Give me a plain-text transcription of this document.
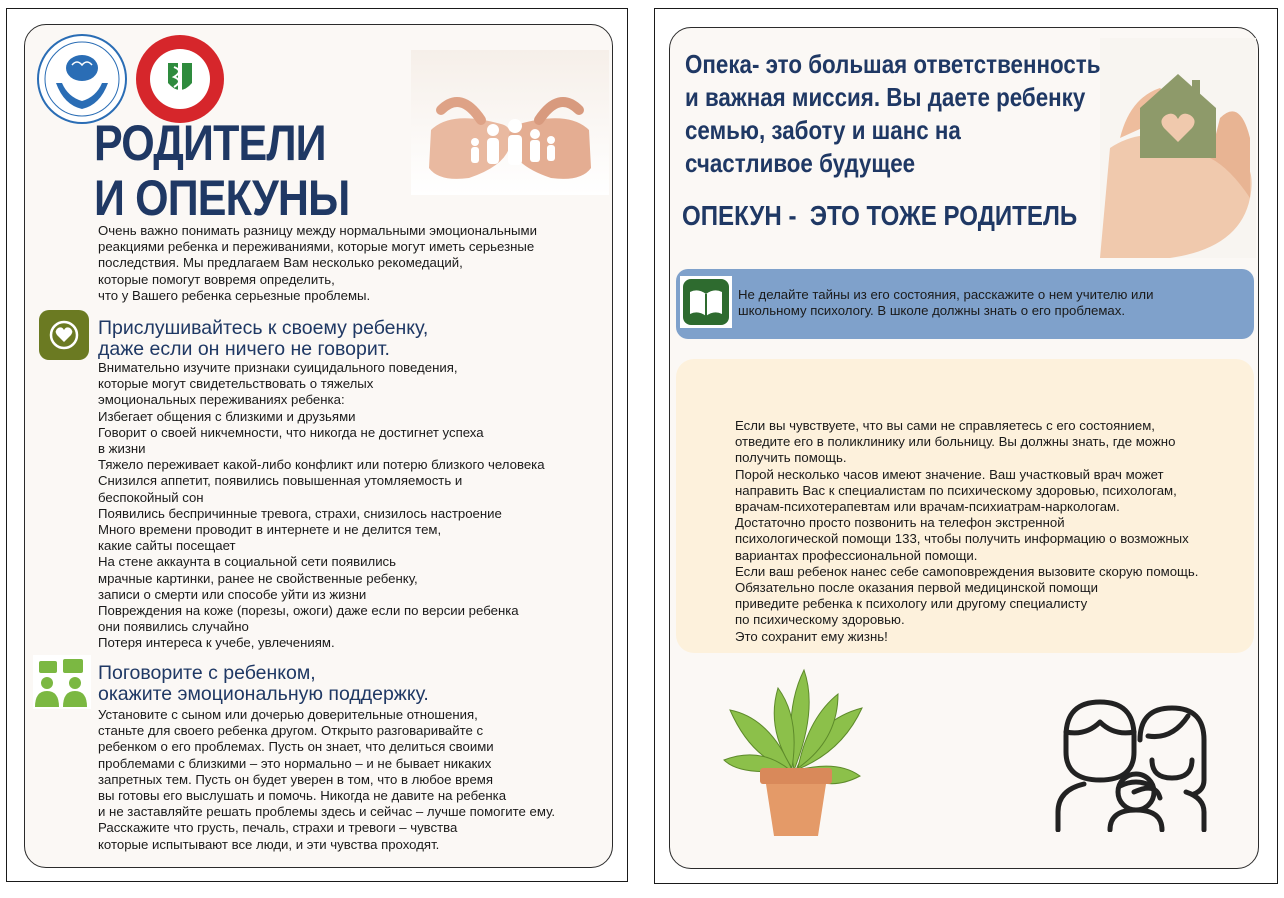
РОДИТЕЛИ
И ОПЕКУНЫ
Очень важно понимать разницу между нормальными эмоциональными
реакциями ребенка и переживаниями, которые могут иметь серьезные
последствия. Мы предлагаем Вам несколько рекомедаций,
которые помогут вовремя определить,
что у Вашего ребенка серьезные проблемы.
Прислушивайтесь к своему ребенку,
даже если он ничего не говорит.
Внимательно изучите признаки суицидального поведения,
которые могут свидетельствовать о тяжелых
эмоциональных переживаниях ребенка:
Избегает общения с близкими и друзьями
Говорит о своей никчемности, что никогда не достигнет успеха
в жизни
Тяжело переживает какой-либо конфликт или потерю близкого человека
Снизился аппетит, появились повышенная утомляемость и
беспокойный сон
Появились беспричинные тревога, страхи, снизилось настроение
Много времени проводит в интернете и не делится тем,
какие сайты посещает
На стене аккаунта в социальной сети появились
мрачные картинки, ранее не свойственные ребенку,
записи о смерти или способе уйти из жизни
Повреждения на коже (порезы, ожоги) даже если по версии ребенка
они появились случайно
Потеря интереса к учебе, увлечениям.
Поговорите с ребенком,
окажите эмоциональную поддержку.
Установите с сыном или дочерью доверительные отношения,
станьте для своего ребенка другом. Открыто разговаривайте с
ребенком о его проблемах. Пусть он знает, что делиться своими
проблемами с близкими – это нормально – и не бывает никаких
запретных тем. Пусть он будет уверен в том, что в любое время
вы готовы его выслушать и помочь. Никогда не давите на ребенка
и не заставляйте решать проблемы здесь и сейчас – лучше помогите ему.
Расскажите что грусть, печаль, страхи и тревоги – чувства
которые испытывают все люди, и эти чувства проходят.
Опека- это большая ответственность
и важная миссия. Вы даете ребенку
семью, заботу и шанс на
счастливое будущее
ОПЕКУН -  ЭТО ТОЖЕ РОДИТЕЛЬ
Не делайте тайны из его состояния, расскажите о нем учителю или
школьному психологу. В школе должны знать о его проблемах.
Если вы чувствуете, что вы сами не справляетесь с его состоянием,
отведите его в поликлинику или больницу. Вы должны знать, где можно
получить помощь.
Порой несколько часов имеют значение. Ваш участковый врач может
направить Вас к специалистам по психическому здоровью, психологам,
врачам-психотерапевтам или врачам-психиатрам-наркологам.
Достаточно просто позвонить на телефон экстренной
психологической помощи 133, чтобы получить информацию о возможных
вариантах профессиональной помощи.
Если ваш ребенок нанес себе самоповреждения вызовите скорую помощь.
Обязательно после оказания первой медицинской помощи
приведите ребенка к психологу или другому специалисту
по психическому здоровью.
Это сохранит ему жизнь!
